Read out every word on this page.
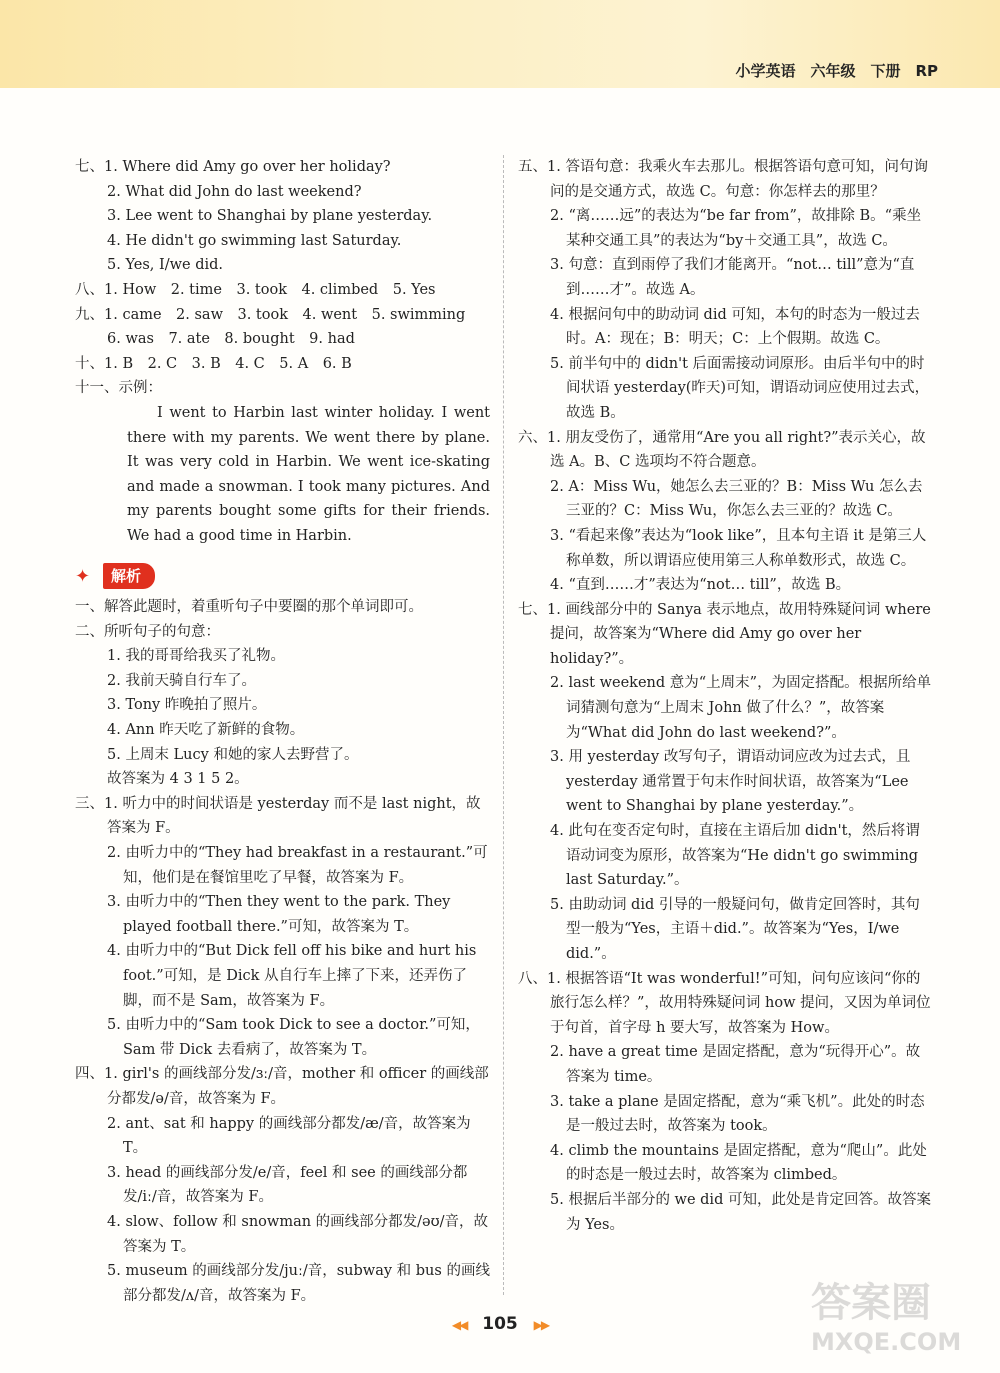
小学英语　六年级　下册　RP
七、1. Where did Amy go over her holiday?
2. What did John do last weekend?
3. Lee went to Shanghai by plane yesterday.
4. He didn't go swimming last Saturday.
5. Yes, I/we did.
八、1. How　2. time　3. took　4. climbed　5. Yes
九、1. came　2. saw　3. took　4. went　5. swimming
6. was　7. ate　8. bought　9. had
十、1. B　2. C　3. B　4. C　5. A　6. B
十一、示例：
I went to Harbin last winter holiday. I went there with my parents. We went there by plane. It was very cold in Harbin. We went ice-skating and made a snowman. I took many pictures. And my parents bought some gifts for their friends. We had a good time in Harbin.
✦	解析
一、解答此题时，着重听句子中要圈的那个单词即可。
二、所听句子的句意：
1. 我的哥哥给我买了礼物。
2. 我前天骑自行车了。
3. Tony 昨晚拍了照片。
4. Ann 昨天吃了新鲜的食物。
5. 上周末 Lucy 和她的家人去野营了。
故答案为 4 3 1 5 2。
三、1. 听力中的时间状语是 yesterday 而不是 last night，故答案为 F。
2. 由听力中的“They had breakfast in a restaurant.”可知，他们是在餐馆里吃了早餐，故答案为 F。
3. 由听力中的“Then they went to the park. They played football there.”可知，故答案为 T。
4. 由听力中的“But Dick fell off his bike and hurt his foot.”可知，是 Dick 从自行车上摔了下来，还弄伤了脚，而不是 Sam，故答案为 F。
5. 由听力中的“Sam took Dick to see a doctor.”可知，Sam 带 Dick 去看病了，故答案为 T。
四、1. girl's 的画线部分发/ɜː/音，mother 和 officer 的画线部分都发/ə/音，故答案为 F。
2. ant、sat 和 happy 的画线部分都发/æ/音，故答案为 T。
3. head 的画线部分发/e/音，feel 和 see 的画线部分都发/iː/音，故答案为 F。
4. slow、follow 和 snowman 的画线部分都发/əʊ/音，故答案为 T。
5. museum 的画线部分发/juː/音，subway 和 bus 的画线部分都发/ʌ/音，故答案为 F。
五、1. 答语句意：我乘火车去那儿。根据答语句意可知，问句询问的是交通方式，故选 C。句意：你怎样去的那里？
2. “离……远”的表达为“be far from”，故排除 B。“乘坐某种交通工具”的表达为“by＋交通工具”，故选 C。
3. 句意：直到雨停了我们才能离开。“not… till”意为“直到……才”。故选 A。
4. 根据问句中的助动词 did 可知，本句的时态为一般过去时。A：现在；B：明天；C：上个假期。故选 C。
5. 前半句中的 didn't 后面需接动词原形。由后半句中的时间状语 yesterday(昨天)可知，谓语动词应使用过去式，故选 B。
六、1. 朋友受伤了，通常用“Are you all right?”表示关心，故选 A。B、C 选项均不符合题意。
2. A：Miss Wu，她怎么去三亚的？B：Miss Wu 怎么去三亚的？C：Miss Wu，你怎么去三亚的？故选 C。
3. “看起来像”表达为“look like”，且本句主语 it 是第三人称单数，所以谓语应使用第三人称单数形式，故选 C。
4. “直到……才”表达为“not… till”，故选 B。
七、1. 画线部分中的 Sanya 表示地点，故用特殊疑问词 where 提问，故答案为“Where did Amy go over her holiday?”。
2. last weekend 意为“上周末”，为固定搭配。根据所给单词猜测句意为“上周末 John 做了什么？”，故答案为“What did John do last weekend?”。
3. 用 yesterday 改写句子，谓语动词应改为过去式，且 yesterday 通常置于句末作时间状语，故答案为“Lee went to Shanghai by plane yesterday.”。
4. 此句在变否定句时，直接在主语后加 didn't，然后将谓语动词变为原形，故答案为“He didn't go swimming last Saturday.”。
5. 由助动词 did 引导的一般疑问句，做肯定回答时，其句型一般为“Yes，主语＋did.”。故答案为“Yes，I/we did.”。
八、1. 根据答语“It was wonderful!”可知，问句应该问“你的旅行怎么样？”，故用特殊疑问词 how 提问，又因为单词位于句首，首字母 h 要大写，故答案为 How。
2. have a great time 是固定搭配，意为“玩得开心”。故答案为 time。
3. take a plane 是固定搭配，意为“乘飞机”。此处的时态是一般过去时，故答案为 took。
4. climb the mountains 是固定搭配，意为“爬山”。此处的时态是一般过去时，故答案为 climbed。
5. 根据后半部分的 we did 可知，此处是肯定回答。故答案为 Yes。
◀◀ 105 ▶▶	答案圈
MXQE.COM
